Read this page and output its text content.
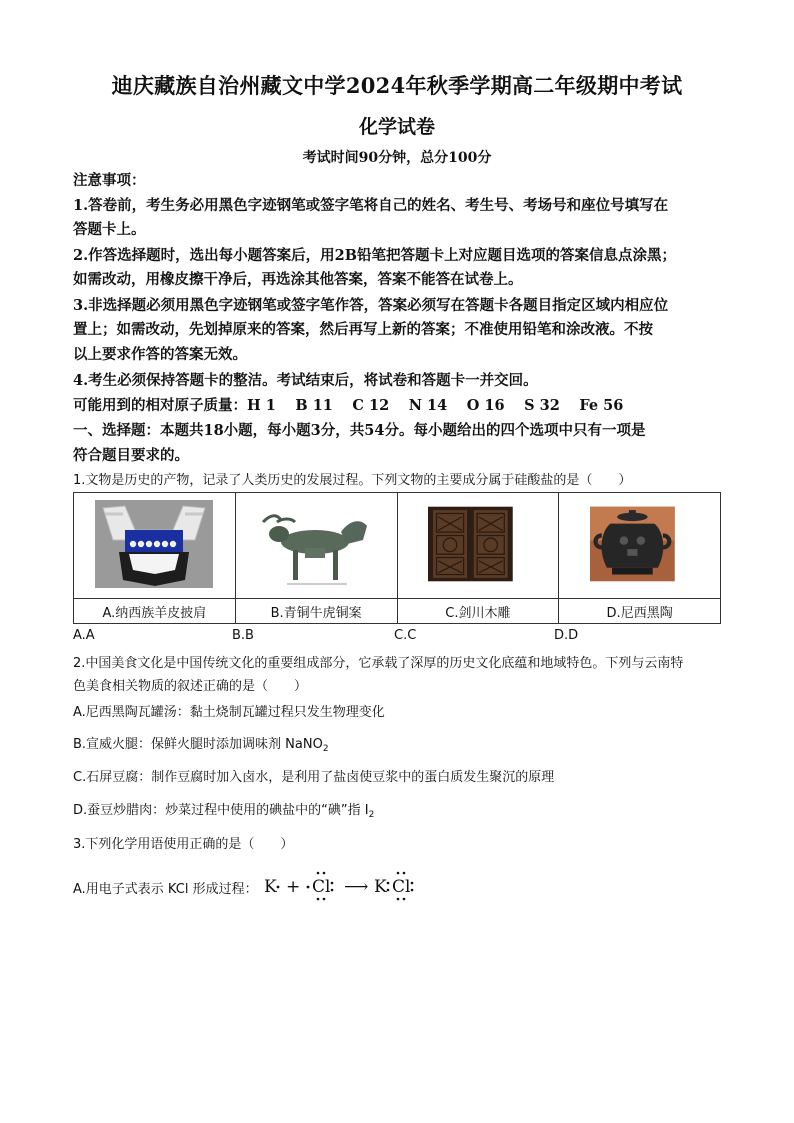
迪庆藏族自治州藏文中学2024年秋季学期高二年级期中考试
化学试卷
考试时间90分钟，总分100分
注意事项：
1.答卷前，考生务必用黑色字迹钢笔或签字笔将自己的姓名、考生号、考场号和座位号填写在
答题卡上。
2.作答选择题时，选出每小题答案后，用2B铅笔把答题卡上对应题目选项的答案信息点涂黑；
如需改动，用橡皮擦干净后，再选涂其他答案，答案不能答在试卷上。
3.非选择题必须用黑色字迹钢笔或签字笔作答，答案必须写在答题卡各题目指定区域内相应位
置上；如需改动，先划掉原来的答案，然后再写上新的答案；不准使用铅笔和涂改液。不按
以上要求作答的答案无效。
4.考生必须保持答题卡的整洁。考试结束后，将试卷和答题卡一并交回。
可能用到的相对原子质量：H 1　 B 11　 C 12　 N 14　 O 16　 S 32　 Fe 56
一、选择题：本题共18小题，每小题3分，共54分。每小题给出的四个选项中只有一项是
符合题目要求的。
1.文物是历史的产物，记录了人类历史的发展过程。下列文物的主要成分属于硅酸盐的是（　　）

A.纳西族羊皮披肩	B.青铜牛虎铜案	C.剑川木雕	D.尼西黑陶
A.A	B.B	C.C	D.D
2.中国美食文化是中国传统文化的重要组成部分，它承载了深厚的历史文化底蕴和地域特色。下列与云南特
色美食相关物质的叙述正确的是（　　）
A.尼西黑陶瓦罐汤：黏土烧制瓦罐过程只发生物理变化
B.宣威火腿：保鲜火腿时添加调味剂 NaNO$_2$
C.石屏豆腐：制作豆腐时加入卤水，是利用了盐卤使豆浆中的蛋白质发生聚沉的原理
D.蚕豆炒腊肉：炒菜过程中使用的碘盐中的“碘”指 $I_2$
3.下列化学用语使用正确的是（　　）
A.用电子式表示 KCl 形成过程： K + Cl ⟶ K Cl
